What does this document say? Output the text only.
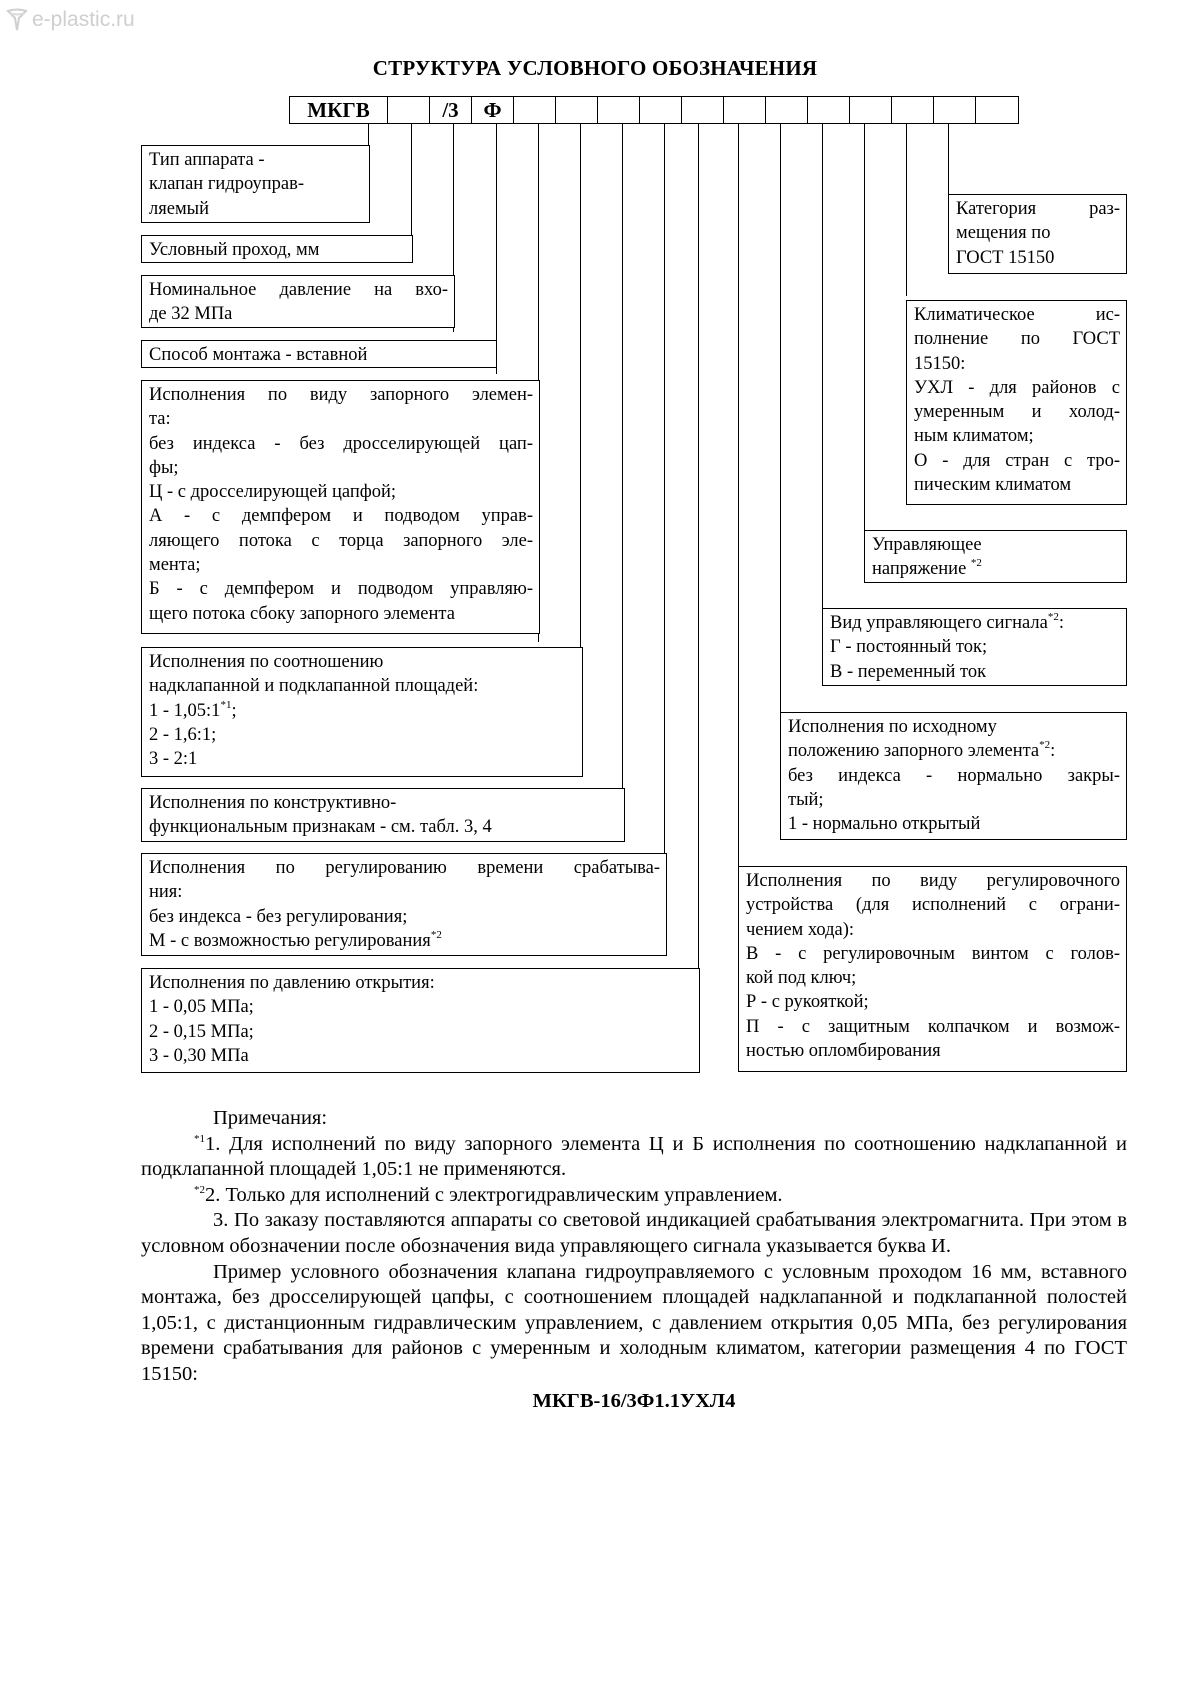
e-plastic.ru
СТРУКТУРА УСЛОВНОГО ОБОЗНАЧЕНИЯ
МКГВ	/3	Ф
Тип аппарата -
клапан гидроуправ-
ляемый
Условный проход, мм
Номинальное давление на вхо-
де 32 МПа
Способ монтажа - вставной
Исполнения по виду запорного элемен-
та:
без индекса - без дросселирующей цап-
фы;
Ц - с дросселирующей цапфой;
А - с демпфером и подводом управ-
ляющего потока с торца запорного эле-
мента;
Б - с демпфером и подводом управляю-
щего потока сбоку запорного элемента
Исполнения по соотношению
надклапанной и подклапанной площадей:
1 - 1,05:1$^{*1}$;
2 - 1,6:1;
3 - 2:1
Исполнения по конструктивно-
функциональным признакам - см. табл. 3, 4
Исполнения по регулированию времени срабатыва-
ния:
без индекса - без регулирования;
М - с возможностью регулирования$^{*2}$
Исполнения по давлению открытия:
1 - 0,05 МПа;
2 - 0,15 МПа;
3 - 0,30 МПа
Категория раз-
мещения по
ГОСТ 15150
Климатическое ис-
полнение по ГОСТ
15150:
УХЛ - для районов с
умеренным и холод-
ным климатом;
О - для стран с тро-
пическим климатом
Управляющее
напряжение $^{*2}$
Вид управляющего сигнала$^{*2}$:
Г - постоянный ток;
В - переменный ток
Исполнения по исходному
положению запорного элемента$^{*2}$:
без индекса - нормально закры-
тый;
1 - нормально открытый
Исполнения по виду регулировочного
устройства (для исполнений с ограни-
чением хода):
В - с регулировочным винтом с голов-
кой под ключ;
Р - с рукояткой;
П - с защитным колпачком и возмож-
ностью опломбирования

Примечания:

$^{*1}$1. Для исполнений по виду запорного элемента Ц и Б исполнения по соотношению надклапанной и подклапанной площадей 1,05:1 не применяются.

$^{*2}$2. Только для исполнений с электрогидравлическим управлением.

3. По заказу поставляются аппараты со световой индикацией срабатывания электромагнита. При этом в условном обозначении после обозначения вида управляющего сигнала указывается буква И.

Пример условного обозначения клапана гидроуправляемого с условным проходом 16 мм, вставного монтажа, без дросселирующей цапфы, с соотношением площадей надклапанной и подклапанной полостей 1,05:1, с дистанционным гидравлическим управлением, с давлением открытия 0,05 МПа, без регулирования времени срабатывания для районов с умеренным и холодным климатом, категории размещения 4 по ГОСТ 15150:

МКГВ-16/3Ф1.1УХЛ4
